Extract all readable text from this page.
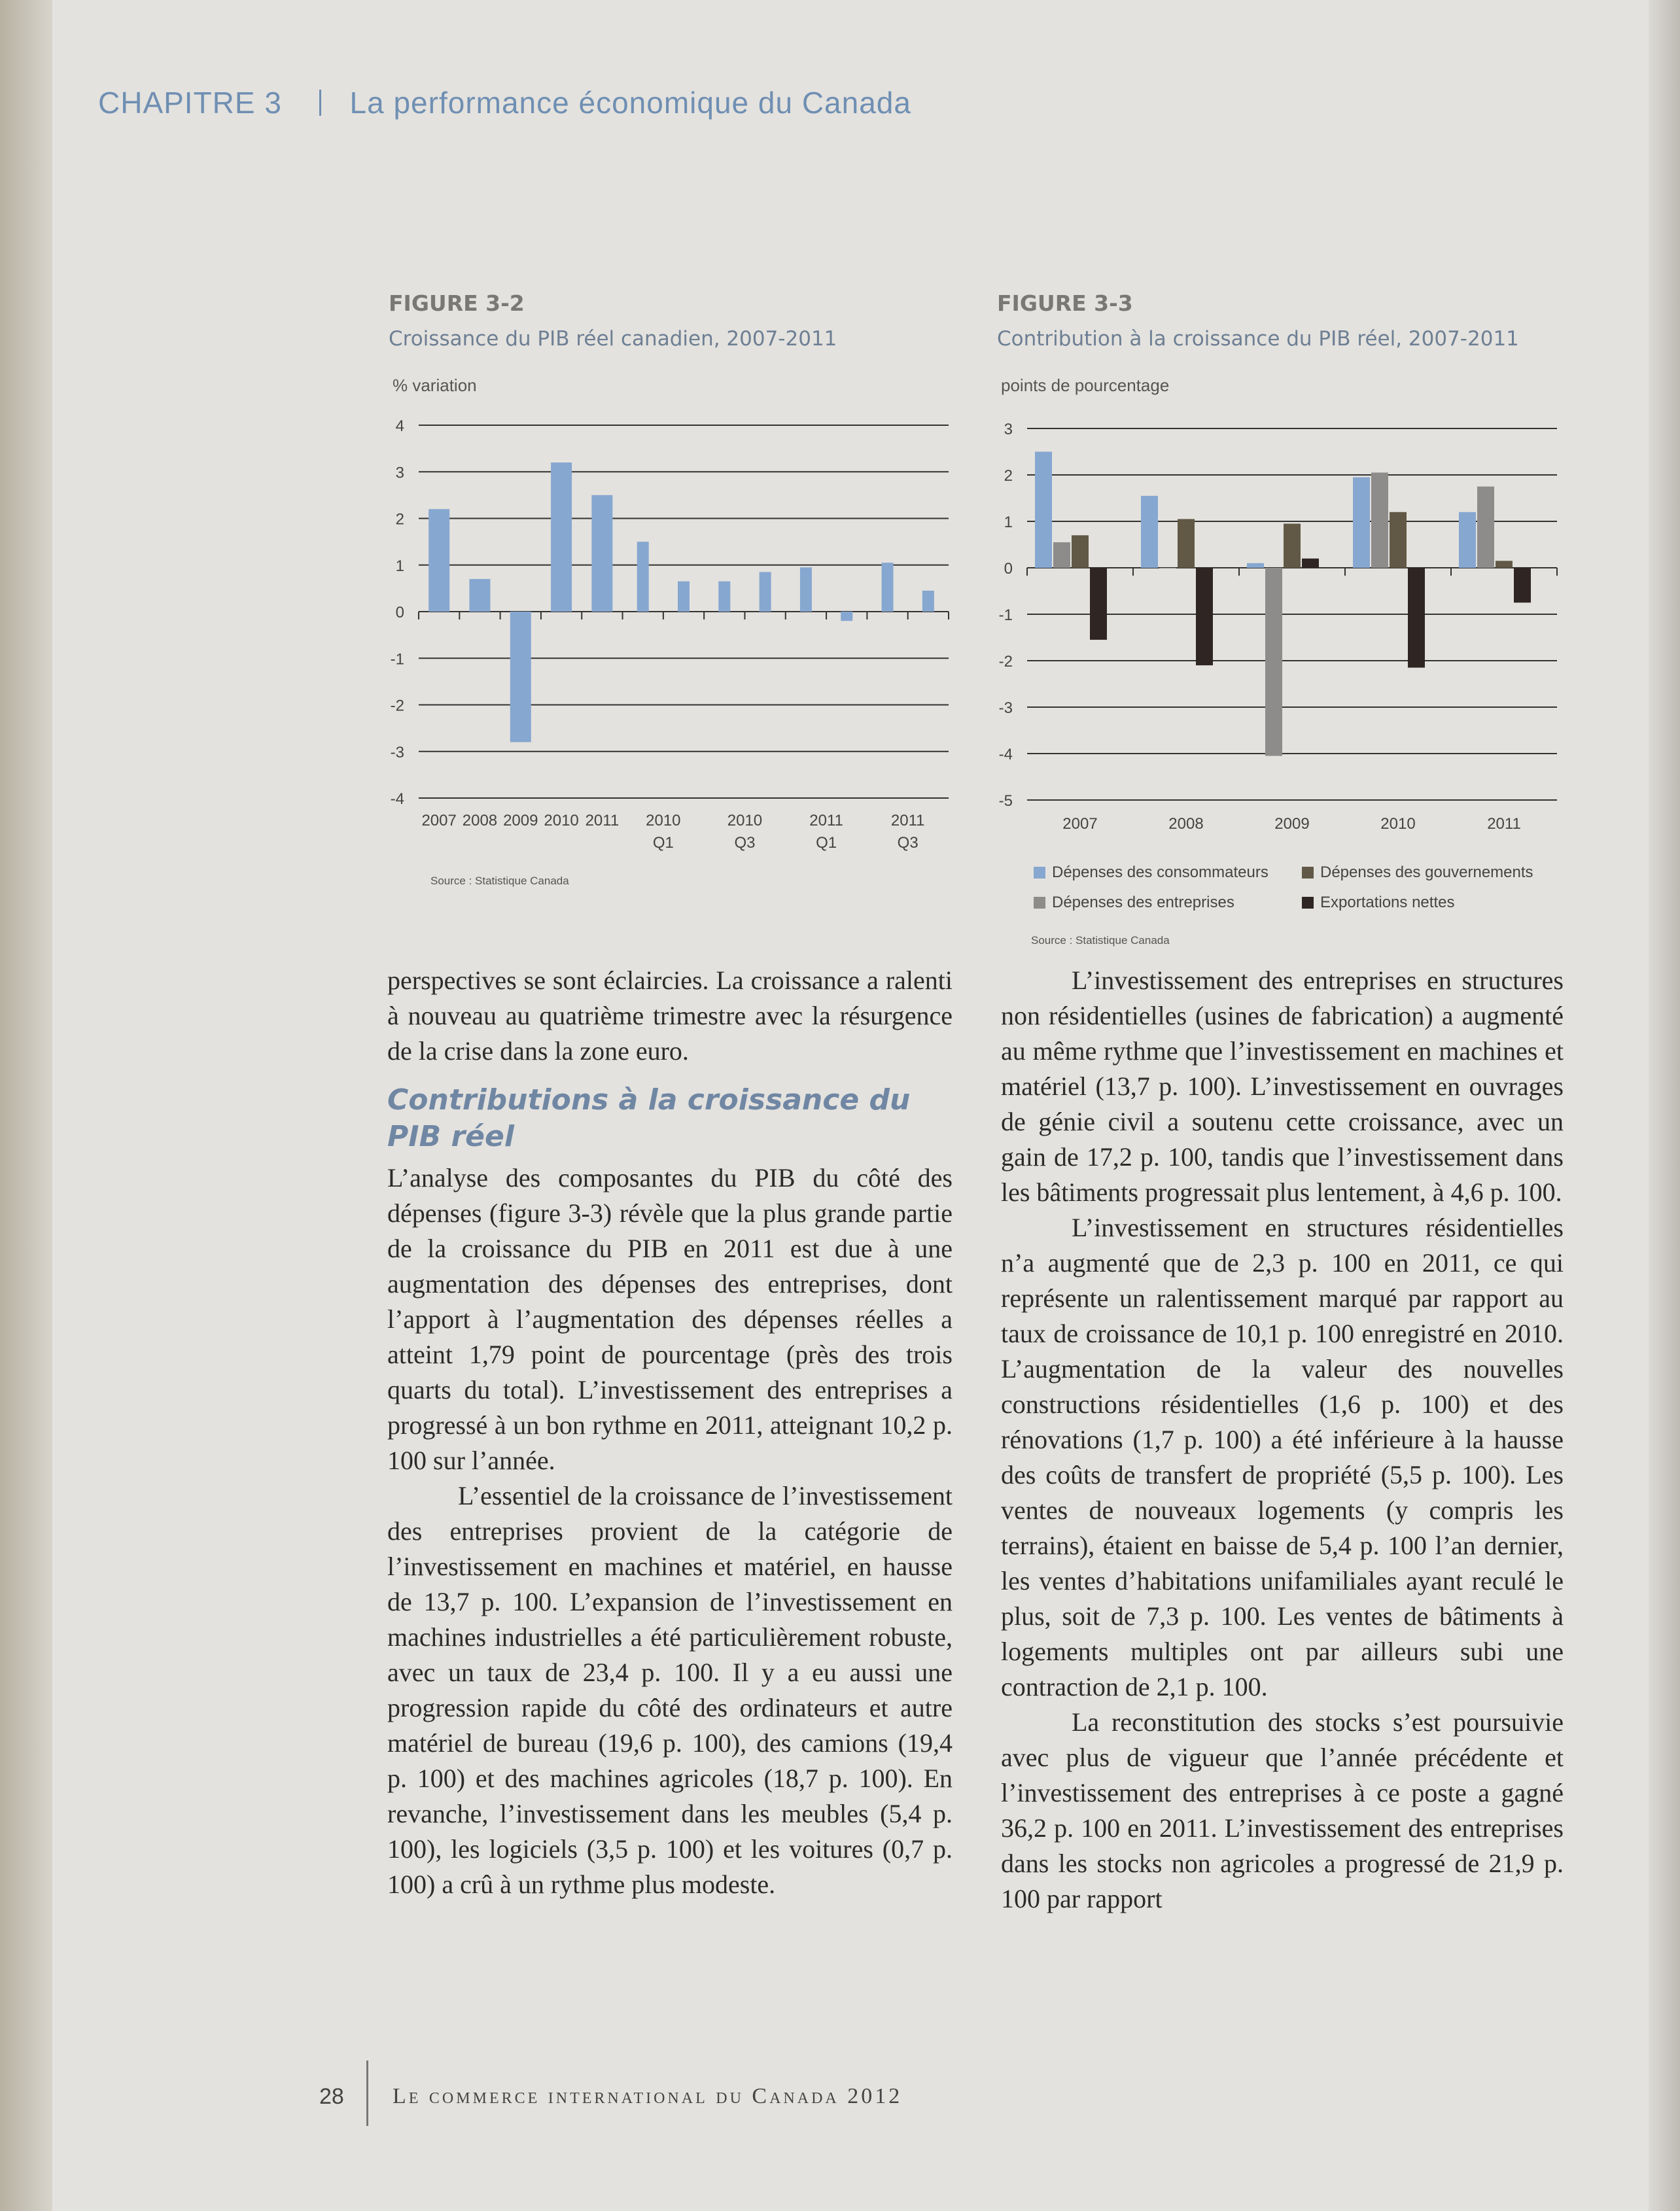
CHAPITRE 3 La performance économique du Canada
FIGURE 3-2
Croissance du PIB réel canadien, 2007-2011
% variation
4
3
2
1
0
-1
-2
-3
-4
2007 2008 2009 2010 2011 2010
Q1
2010
Q3
2011
Q1
2011
Q3
Source : Statistique Canada
FIGURE 3-3
Contribution à la croissance du PIB réel, 2007-2011
points de pourcentage
3
2
1
0
-1
-2
-3
-4
-5
2007	2008	2009	2010	2011
Dépenses des consommateurs	Dépenses des gouvernements
Dépenses des entreprises	Exportations nettes
Source : Statistique Canada

perspectives se sont éclaircies. La croissance a ralenti à nouveau au quatrième trimestre avec la résurgence de la crise dans la zone euro.

Contributions à la croissance du PIB réel

L’analyse des composantes du PIB du côté des dépenses (figure 3-3) révèle que la plus grande partie de la croissance du PIB en 2011 est due à une augmentation des dépenses des entreprises, dont l’apport à l’augmentation des dépenses réelles a atteint 1,79 point de pourcentage (près des trois quarts du total). L’investissement des entreprises a progressé à un bon rythme en 2011, atteignant 10,2 p. 100 sur l’année.

L’essentiel de la croissance de l’investissement des entreprises provient de la catégorie de l’investissement en machines et matériel, en hausse de 13,7 p. 100. L’expansion de l’investissement en machines industrielles a été particulièrement robuste, avec un taux de 23,4 p. 100. Il y a eu aussi une progression rapide du côté des ordinateurs et autre matériel de bureau (19,6 p. 100), des camions (19,4 p. 100) et des machines agricoles (18,7 p. 100). En revanche, l’investissement dans les meubles (5,4 p. 100), les logiciels (3,5 p. 100) et les voitures (0,7 p. 100) a crû à un rythme plus modeste.

L’investissement des entreprises en structures non résidentielles (usines de fabrication) a augmenté au même rythme que l’investissement en machines et matériel (13,7 p. 100). L’investissement en ouvrages de génie civil a soutenu cette croissance, avec un gain de 17,2 p. 100, tandis que l’investissement dans les bâtiments progressait plus lentement, à 4,6 p. 100.

L’investissement en structures résidentielles n’a augmenté que de 2,3 p. 100 en 2011, ce qui représente un ralentissement marqué par rapport au taux de croissance de 10,1 p. 100 enregistré en 2010. L’augmentation de la valeur des nouvelles constructions résidentielles (1,6 p. 100) et des rénovations (1,7 p. 100) a été inférieure à la hausse des coûts de transfert de propriété (5,5 p. 100). Les ventes de nouveaux logements (y compris les terrains), étaient en baisse de 5,4 p. 100 l’an dernier, les ventes d’habitations unifamiliales ayant reculé le plus, soit de 7,3 p. 100. Les ventes de bâtiments à logements multiples ont par ailleurs subi une contraction de 2,1 p. 100.

La reconstitution des stocks s’est poursuivie avec plus de vigueur que l’année précédente et l’investissement des entreprises à ce poste a gagné 36,2 p. 100 en 2011. L’investissement des entreprises dans les stocks non agricoles a progressé de 21,9 p. 100 par rapport

28 Le commerce international du Canada 2012
